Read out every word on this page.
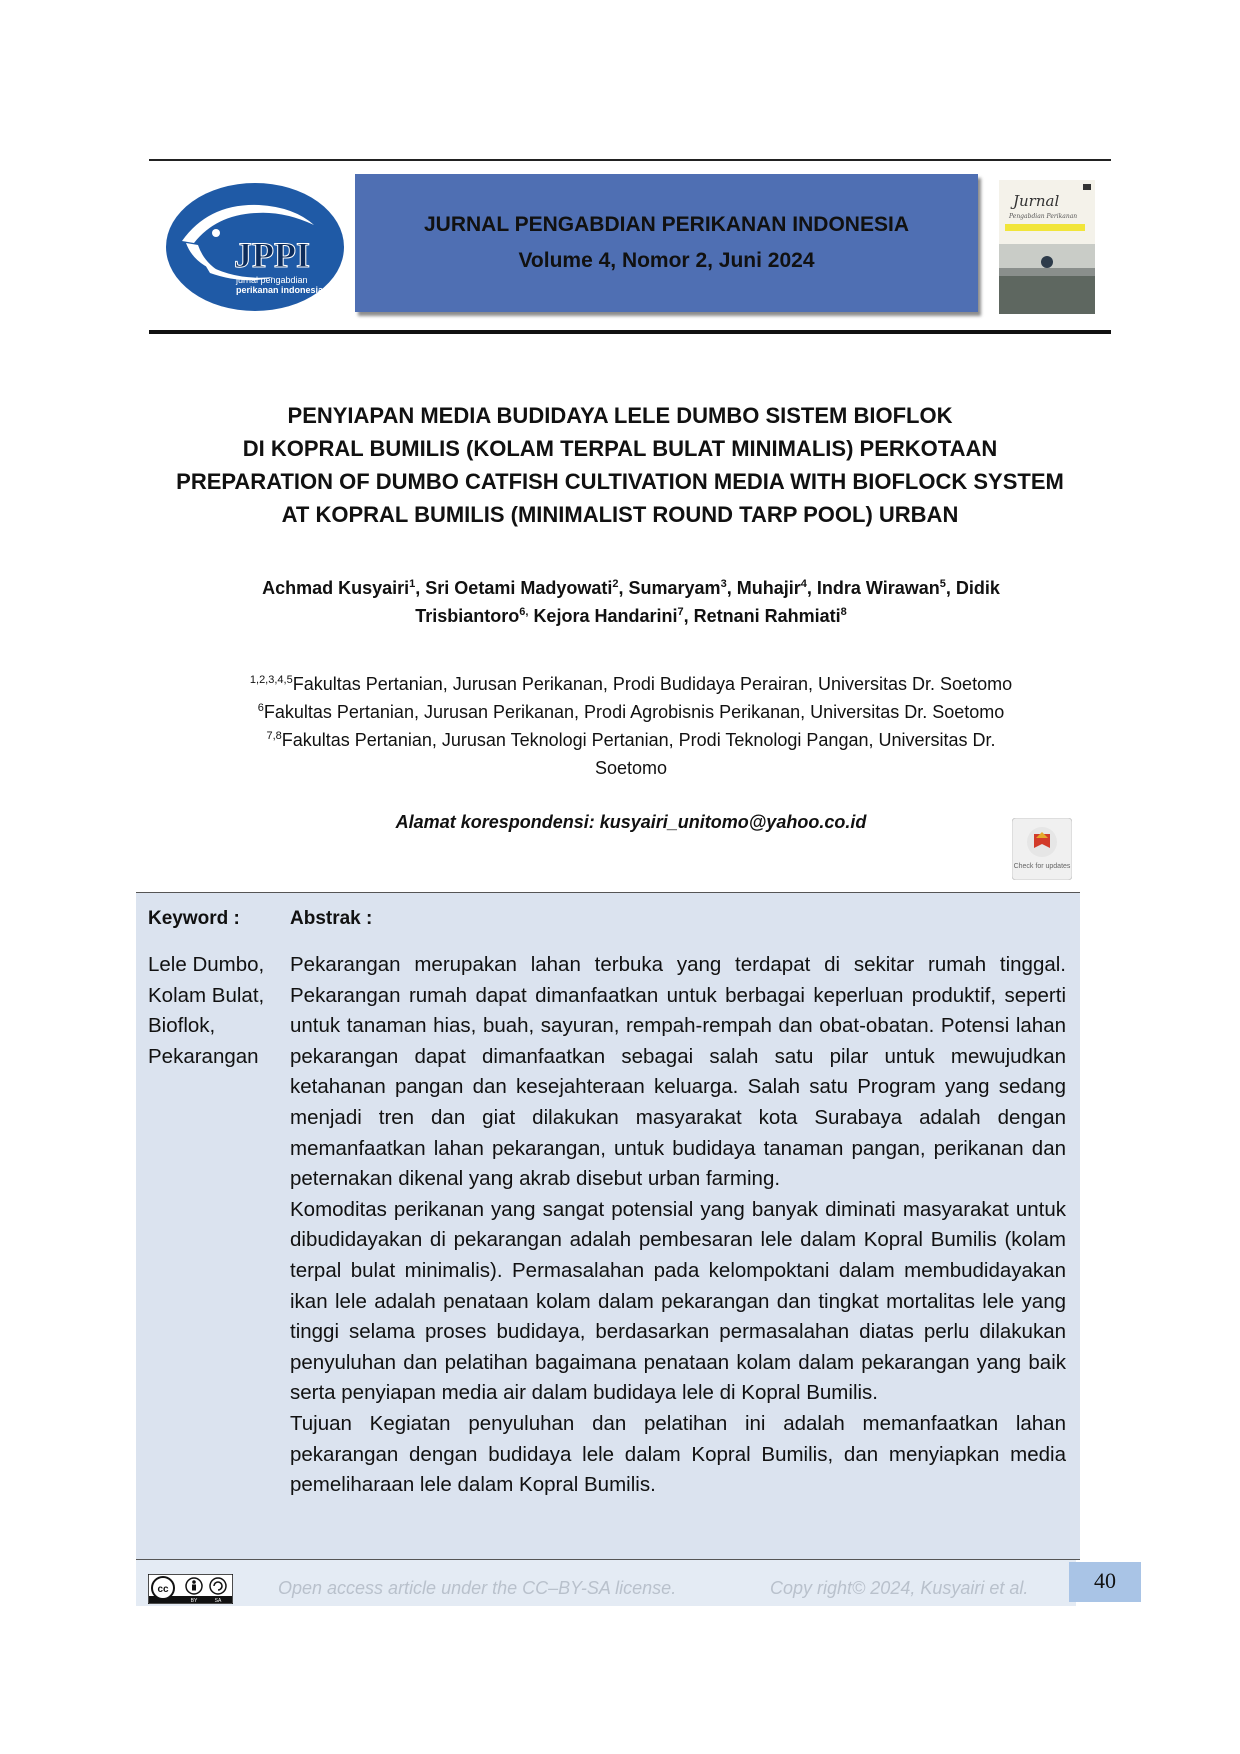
JPPI
jurnal pengabdian
perikanan indonesia
JURNAL PENGABDIAN PERIKANAN INDONESIA
Volume 4, Nomor 2, Juni 2024
Jurnal
Pengabdian Perikanan
PENYIAPAN MEDIA BUDIDAYA LELE DUMBO SISTEM BIOFLOK
DI KOPRAL BUMILIS (KOLAM TERPAL BULAT MINIMALIS) PERKOTAAN
PREPARATION OF DUMBO CATFISH CULTIVATION MEDIA WITH BIOFLOCK SYSTEM
AT KOPRAL BUMILIS (MINIMALIST ROUND TARP POOL) URBAN
Achmad Kusyairi$^1$, Sri Oetami Madyowati$^2$, Sumaryam$^3$, Muhajir$^4$, Indra Wirawan$^5$, Didik
Trisbiantoro$^{6,}$ Kejora Handarini$^7$, Retnani Rahmiati$^8$
$^{1,2,3,4,5}$Fakultas Pertanian, Jurusan Perikanan, Prodi Budidaya Perairan, Universitas Dr. Soetomo
$^6$Fakultas Pertanian, Jurusan Perikanan, Prodi Agrobisnis Perikanan, Universitas Dr. Soetomo
$^{7,8}$Fakultas Pertanian, Jurusan Teknologi Pertanian, Prodi Teknologi Pangan, Universitas Dr.
Soetomo
Alamat korespondensi: kusyairi_unitomo@yahoo.co.id
Check for updates
Keyword :	Abstrak :
Lele Dumbo,
Kolam Bulat,
Bioflok,
Pekarangan

Pekarangan merupakan lahan terbuka yang terdapat di sekitar rumah tinggal. Pekarangan rumah dapat dimanfaatkan untuk berbagai keperluan produktif, seperti untuk tanaman hias, buah, sayuran, rempah-rempah dan obat-obatan. Potensi lahan pekarangan dapat dimanfaatkan sebagai salah satu pilar untuk mewujudkan ketahanan pangan dan kesejahteraan keluarga. Salah satu Program yang sedang menjadi tren dan giat dilakukan masyarakat kota Surabaya adalah dengan memanfaatkan lahan pekarangan, untuk budidaya tanaman pangan, perikanan dan peternakan dikenal yang akrab disebut urban farming.

Komoditas perikanan yang sangat potensial yang banyak diminati masyarakat untuk dibudidayakan di pekarangan adalah pembesaran lele dalam Kopral Bumilis (kolam terpal bulat minimalis). Permasalahan pada kelompoktani dalam membudidayakan ikan lele adalah penataan kolam dalam pekarangan dan tingkat mortalitas lele yang tinggi selama proses budidaya, berdasarkan permasalahan diatas perlu dilakukan penyuluhan dan pelatihan bagaimana penataan kolam dalam pekarangan yang baik serta penyiapan media air dalam budidaya lele di Kopral Bumilis.

Tujuan Kegiatan penyuluhan dan pelatihan ini adalah memanfaatkan lahan pekarangan dengan budidaya lele dalam Kopral Bumilis, dan menyiapkan media pemeliharaan lele dalam Kopral Bumilis.

cc
BY	SA
Open access article under the CC–BY-SA license.	Copy right© 2024, Kusyairi et al.	40
